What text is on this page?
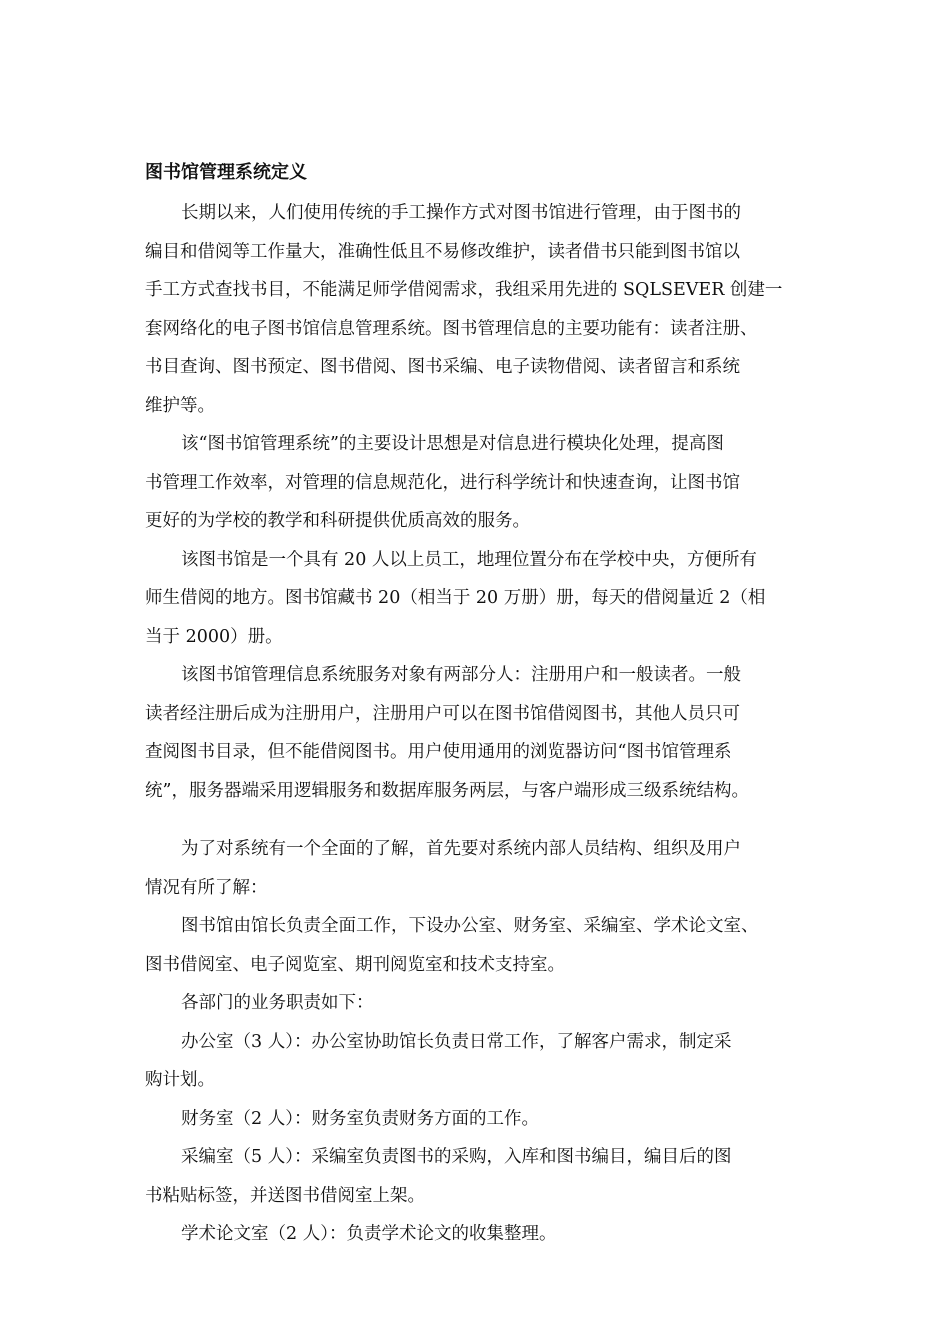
图书馆管理系统定义
长期以来，人们使用传统的手工操作方式对图书馆进行管理，由于图书的
编目和借阅等工作量大，准确性低且不易修改维护，读者借书只能到图书馆以
手工方式查找书目，不能满足师学借阅需求，我组采用先进的 SQLSEVER 创建一
套网络化的电子图书馆信息管理系统。图书管理信息的主要功能有：读者注册、
书目查询、图书预定、图书借阅、图书采编、电子读物借阅、读者留言和系统
维护等。
该“图书馆管理系统”的主要设计思想是对信息进行模块化处理，提高图
书管理工作效率，对管理的信息规范化，进行科学统计和快速查询，让图书馆
更好的为学校的教学和科研提供优质高效的服务。
该图书馆是一个具有 20 人以上员工，地理位置分布在学校中央，方便所有
师生借阅的地方。图书馆藏书 20（相当于 20 万册）册，每天的借阅量近 2（相
当于 2000）册。
该图书馆管理信息系统服务对象有两部分人：注册用户和一般读者。一般
读者经注册后成为注册用户，注册用户可以在图书馆借阅图书，其他人员只可
查阅图书目录，但不能借阅图书。用户使用通用的浏览器访问“图书馆管理系
统”，服务器端采用逻辑服务和数据库服务两层，与客户端形成三级系统结构。
为了对系统有一个全面的了解，首先要对系统内部人员结构、组织及用户
情况有所了解：
图书馆由馆长负责全面工作，下设办公室、财务室、采编室、学术论文室、
图书借阅室、电子阅览室、期刊阅览室和技术支持室。
各部门的业务职责如下：
办公室（3 人）：办公室协助馆长负责日常工作，了解客户需求，制定采
购计划。
财务室（2 人）：财务室负责财务方面的工作。
采编室（5 人）：采编室负责图书的采购，入库和图书编目，编目后的图
书粘贴标签，并送图书借阅室上架。
学术论文室（2 人）：负责学术论文的收集整理。
